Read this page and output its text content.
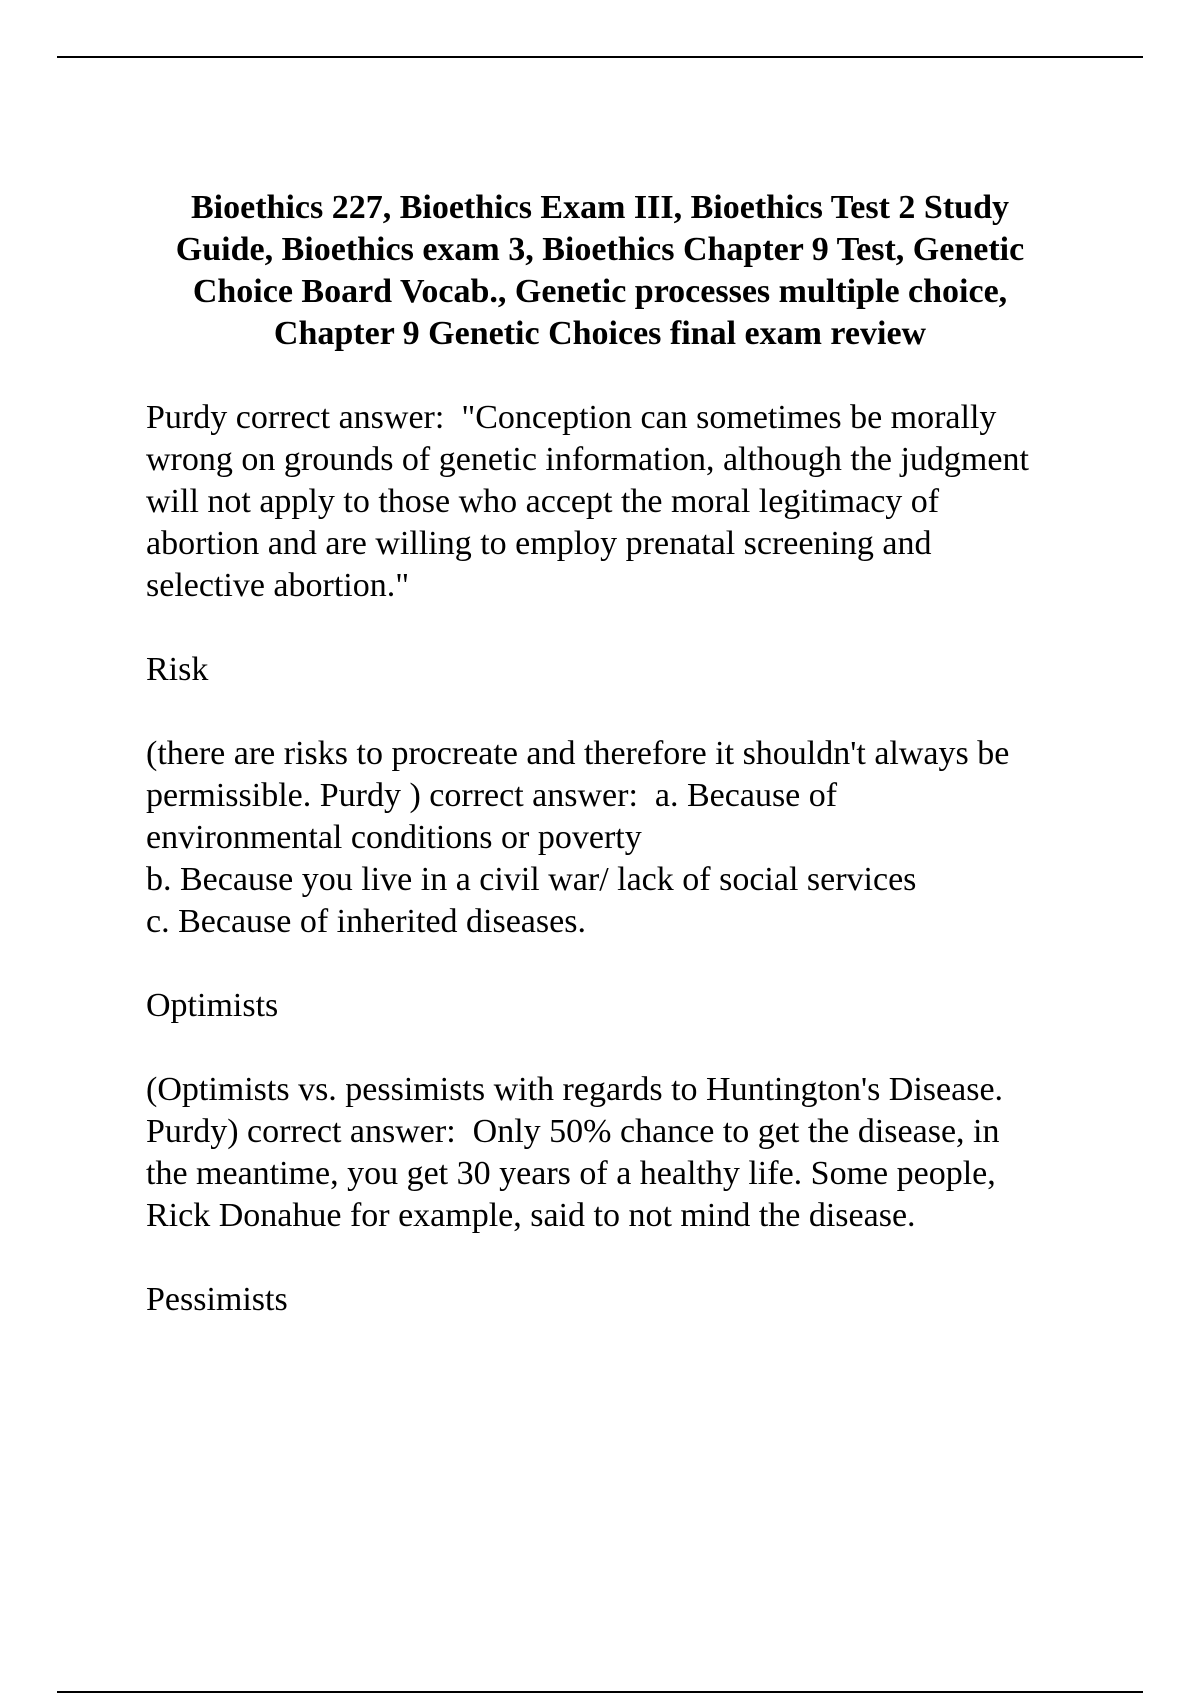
Bioethics 227, Bioethics Exam III, Bioethics Test 2 Study
Guide, Bioethics exam 3, Bioethics Chapter 9 Test, Genetic
Choice Board Vocab., Genetic processes multiple choice,
Chapter 9 Genetic Choices final exam review

Purdy correct answer:  "Conception can sometimes be morally
wrong on grounds of genetic information, although the judgment
will not apply to those who accept the moral legitimacy of
abortion and are willing to employ prenatal screening and
selective abortion."

Risk

(there are risks to procreate and therefore it shouldn't always be
permissible. Purdy ) correct answer:  a. Because of
environmental conditions or poverty
b. Because you live in a civil war/ lack of social services
c. Because of inherited diseases.

Optimists

(Optimists vs. pessimists with regards to Huntington's Disease.
Purdy) correct answer:  Only 50% chance to get the disease, in
the meantime, you get 30 years of a healthy life. Some people,
Rick Donahue for example, said to not mind the disease.

Pessimists
